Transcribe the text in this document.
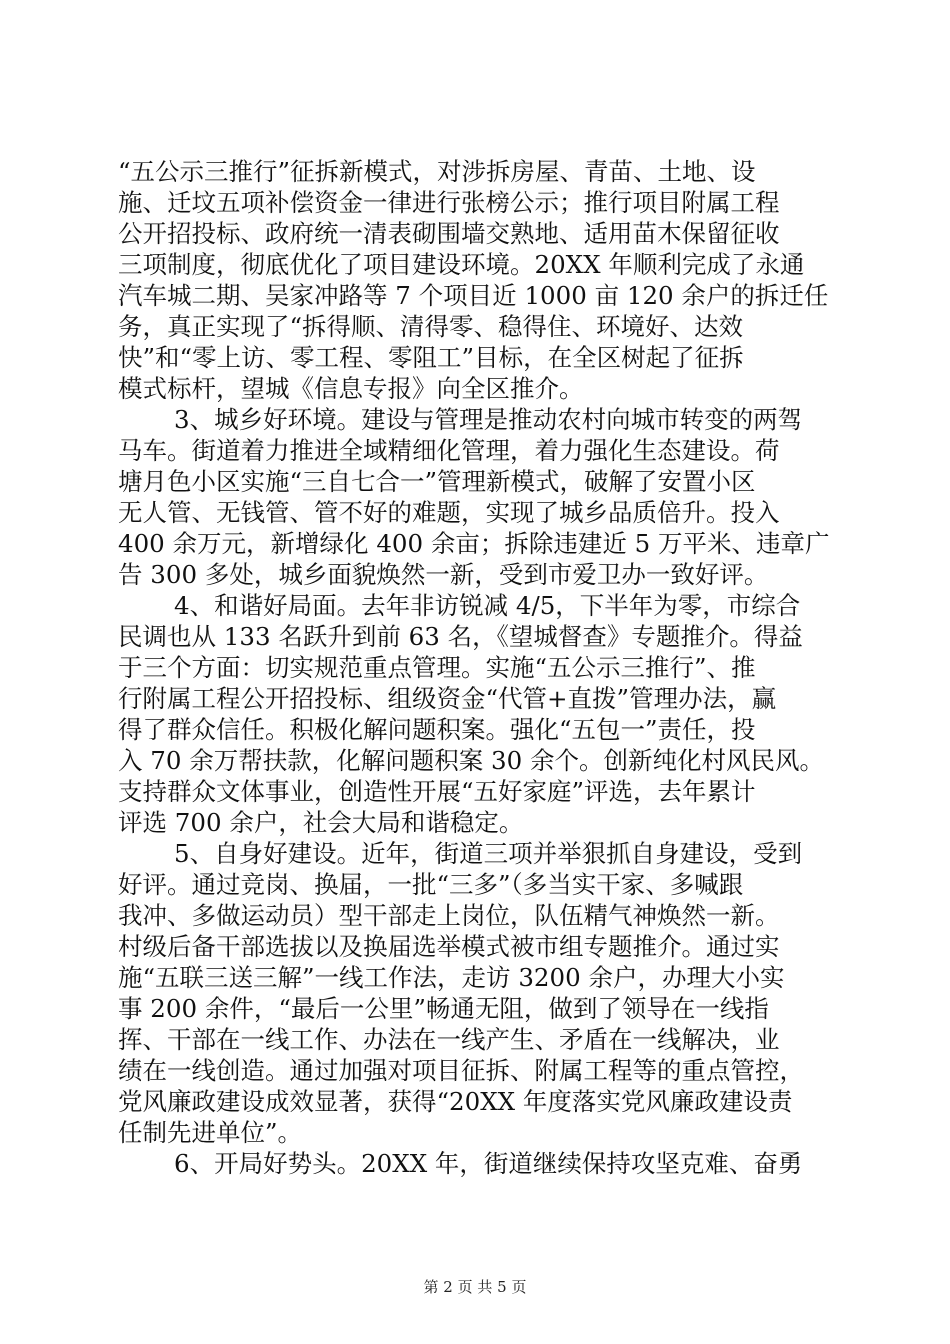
“五公示三推行”征拆新模式，对涉拆房屋、青苗、土地、设
施、迁坟五项补偿资金一律进行张榜公示；推行项目附属工程
公开招投标、政府统一清表砌围墙交熟地、适用苗木保留征收
三项制度，彻底优化了项目建设环境。20XX 年顺利完成了永通
汽车城二期、吴家冲路等 7 个项目近 1000 亩 120 余户的拆迁任
务，真正实现了“拆得顺、清得零、稳得住、环境好、达效
快”和“零上访、零工程、零阻工”目标，在全区树起了征拆
模式标杆，望城《信息专报》向全区推介。
3、城乡好环境。建设与管理是推动农村向城市转变的两驾
马车。街道着力推进全域精细化管理，着力强化生态建设。荷
塘月色小区实施“三自七合一”管理新模式，破解了安置小区
无人管、无钱管、管不好的难题，实现了城乡品质倍升。投入
400 余万元，新增绿化 400 余亩；拆除违建近 5 万平米、违章广
告 300 多处，城乡面貌焕然一新，受到市爱卫办一致好评。
4、和谐好局面。去年非访锐减 4/5，下半年为零，市综合
民调也从 133 名跃升到前 63 名，《望城督查》专题推介。得益
于三个方面：切实规范重点管理。实施“五公示三推行”、推
行附属工程公开招投标、组级资金“代管+直拨”管理办法，赢
得了群众信任。积极化解问题积案。强化“五包一”责任，投
入 70 余万帮扶款，化解问题积案 30 余个。创新纯化村风民风。
支持群众文体事业，创造性开展“五好家庭”评选，去年累计
评选 700 余户，社会大局和谐稳定。
5、自身好建设。近年，街道三项并举狠抓自身建设，受到
好评。通过竞岗、换届，一批“三多”（多当实干家、多喊跟
我冲、多做运动员）型干部走上岗位，队伍精气神焕然一新。
村级后备干部选拔以及换届选举模式被市组专题推介。通过实
施“五联三送三解”一线工作法，走访 3200 余户，办理大小实
事 200 余件，“最后一公里”畅通无阻，做到了领导在一线指
挥、干部在一线工作、办法在一线产生、矛盾在一线解决，业
绩在一线创造。通过加强对项目征拆、附属工程等的重点管控，
党风廉政建设成效显著，获得“20XX 年度落实党风廉政建设责
任制先进单位”。
6、开局好势头。20XX 年，街道继续保持攻坚克难、奋勇
第 2 页 共 5 页
